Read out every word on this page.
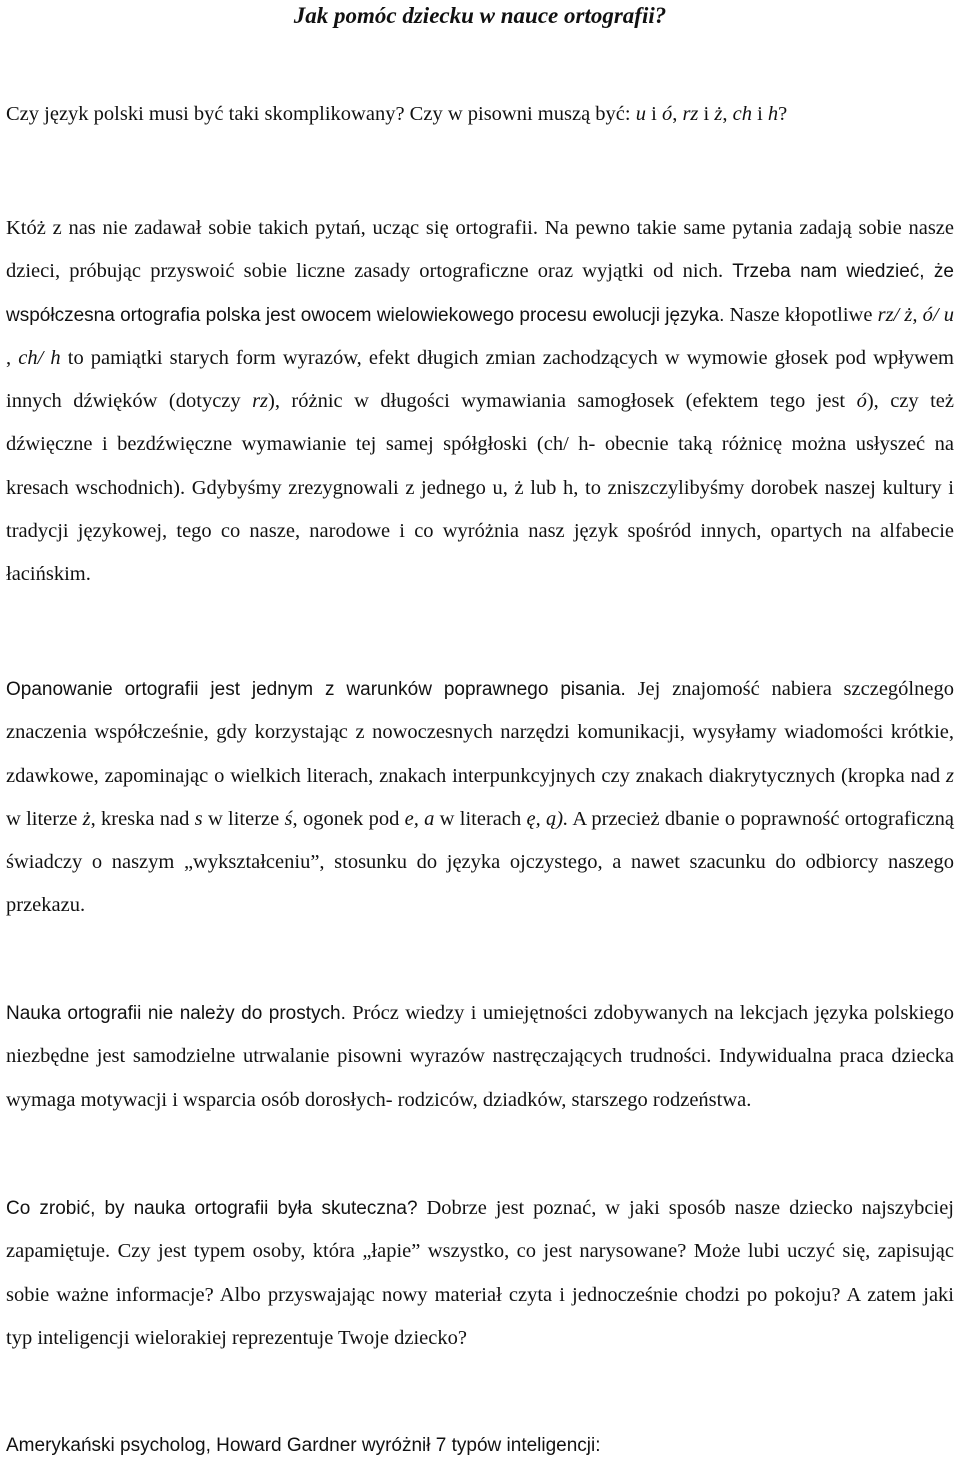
Jak pomóc dziecku w nauce ortografii?

Czy język polski musi być taki skomplikowany? Czy w pisowni muszą być: u i ó, rz i ż, ch i h?

Któż z nas nie zadawał sobie takich pytań, ucząc się ortografii. Na pewno takie same pytania zadają sobie nasze dzieci, próbując przyswoić sobie liczne zasady ortograficzne oraz wyjątki od nich. Trzeba nam wiedzieć, że współczesna ortografia polska jest owocem wielowiekowego procesu ewolucji języka. Nasze kłopotliwe rz/ ż, ó/ u , ch/ h to pamiątki starych form wyrazów, efekt długich zmian zachodzących w wymowie głosek pod wpływem innych dźwięków (dotyczy rz), różnic w długości wymawiania samogłosek (efektem tego jest ó), czy też dźwięczne i bezdźwięczne wymawianie tej samej spółgłoski (ch/ h- obecnie taką różnicę można usłyszeć na kresach wschodnich). Gdybyśmy zrezygnowali z jednego u, ż lub h, to zniszczylibyśmy dorobek naszej kultury i tradycji językowej, tego co nasze, narodowe i co wyróżnia nasz język spośród innych, opartych na alfabecie łacińskim.

Opanowanie ortografii jest jednym z warunków poprawnego pisania. Jej znajomość nabiera szczególnego znaczenia współcześnie, gdy korzystając z nowoczesnych narzędzi komunikacji, wysyłamy wiadomości krótkie, zdawkowe, zapominając o wielkich literach, znakach interpunkcyjnych czy znakach diakrytycznych (kropka nad z w literze ż, kreska nad s w literze ś, ogonek pod e, a w literach ę, ą). A przecież dbanie o poprawność ortograficzną świadczy o naszym „wykształceniu”, stosunku do języka ojczystego, a nawet szacunku do odbiorcy naszego przekazu.

Nauka ortografii nie należy do prostych. Prócz wiedzy i umiejętności zdobywanych na lekcjach języka polskiego niezbędne jest samodzielne utrwalanie pisowni wyrazów nastręczających trudności. Indywidualna praca dziecka wymaga motywacji i wsparcia osób dorosłych- rodziców, dziadków, starszego rodzeństwa.

Co zrobić, by nauka ortografii była skuteczna? Dobrze jest poznać, w jaki sposób nasze dziecko najszybciej zapamiętuje. Czy jest typem osoby, która „łapie” wszystko, co jest narysowane? Może lubi uczyć się, zapisując sobie ważne informacje? Albo przyswajając nowy materiał czyta i jednocześnie chodzi po pokoju? A zatem jaki typ inteligencji wielorakiej reprezentuje Twoje dziecko?

Amerykański psycholog, Howard Gardner wyróżnił 7 typów inteligencji:
